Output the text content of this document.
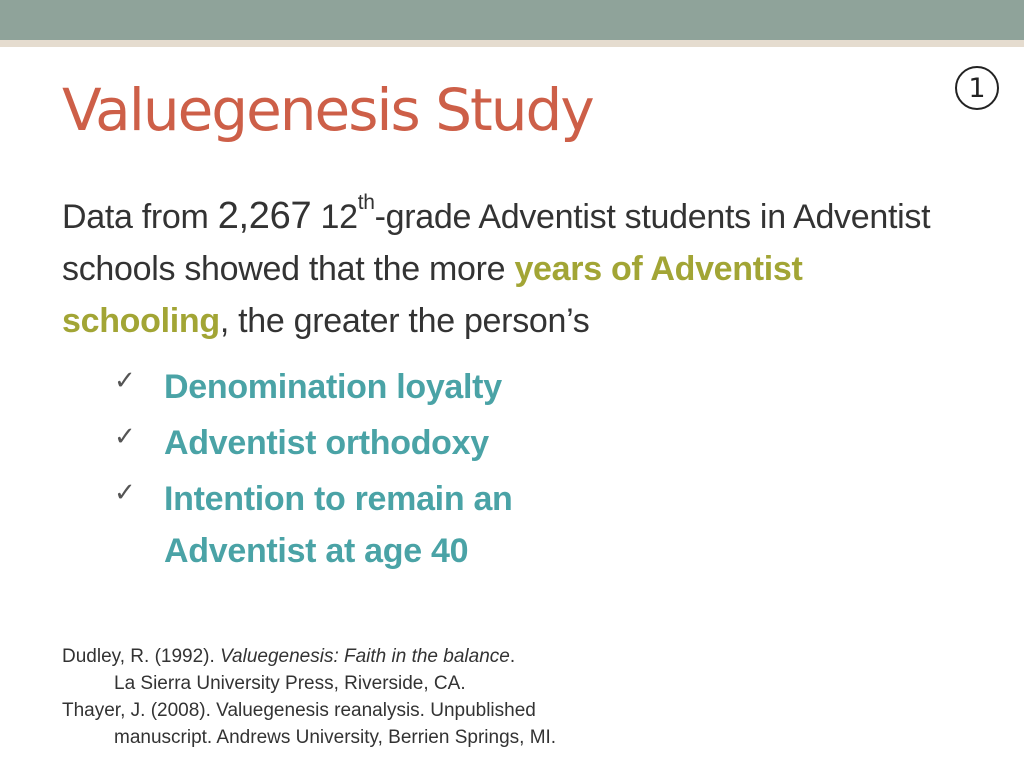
1
Valuegenesis Study

Data from 2,267 12th-grade Adventist students in Adventist schools showed that the more years of Adventist schooling, the greater the person’s

✓ Denomination loyalty
✓ Adventist orthodoxy
✓ Intention to remain an Adventist at age 40
Dudley, R. (1992). Valuegenesis: Faith in the balance.
La Sierra University Press, Riverside, CA.
Thayer, J. (2008). Valuegenesis reanalysis. Unpublished
manuscript. Andrews University, Berrien Springs, MI.
